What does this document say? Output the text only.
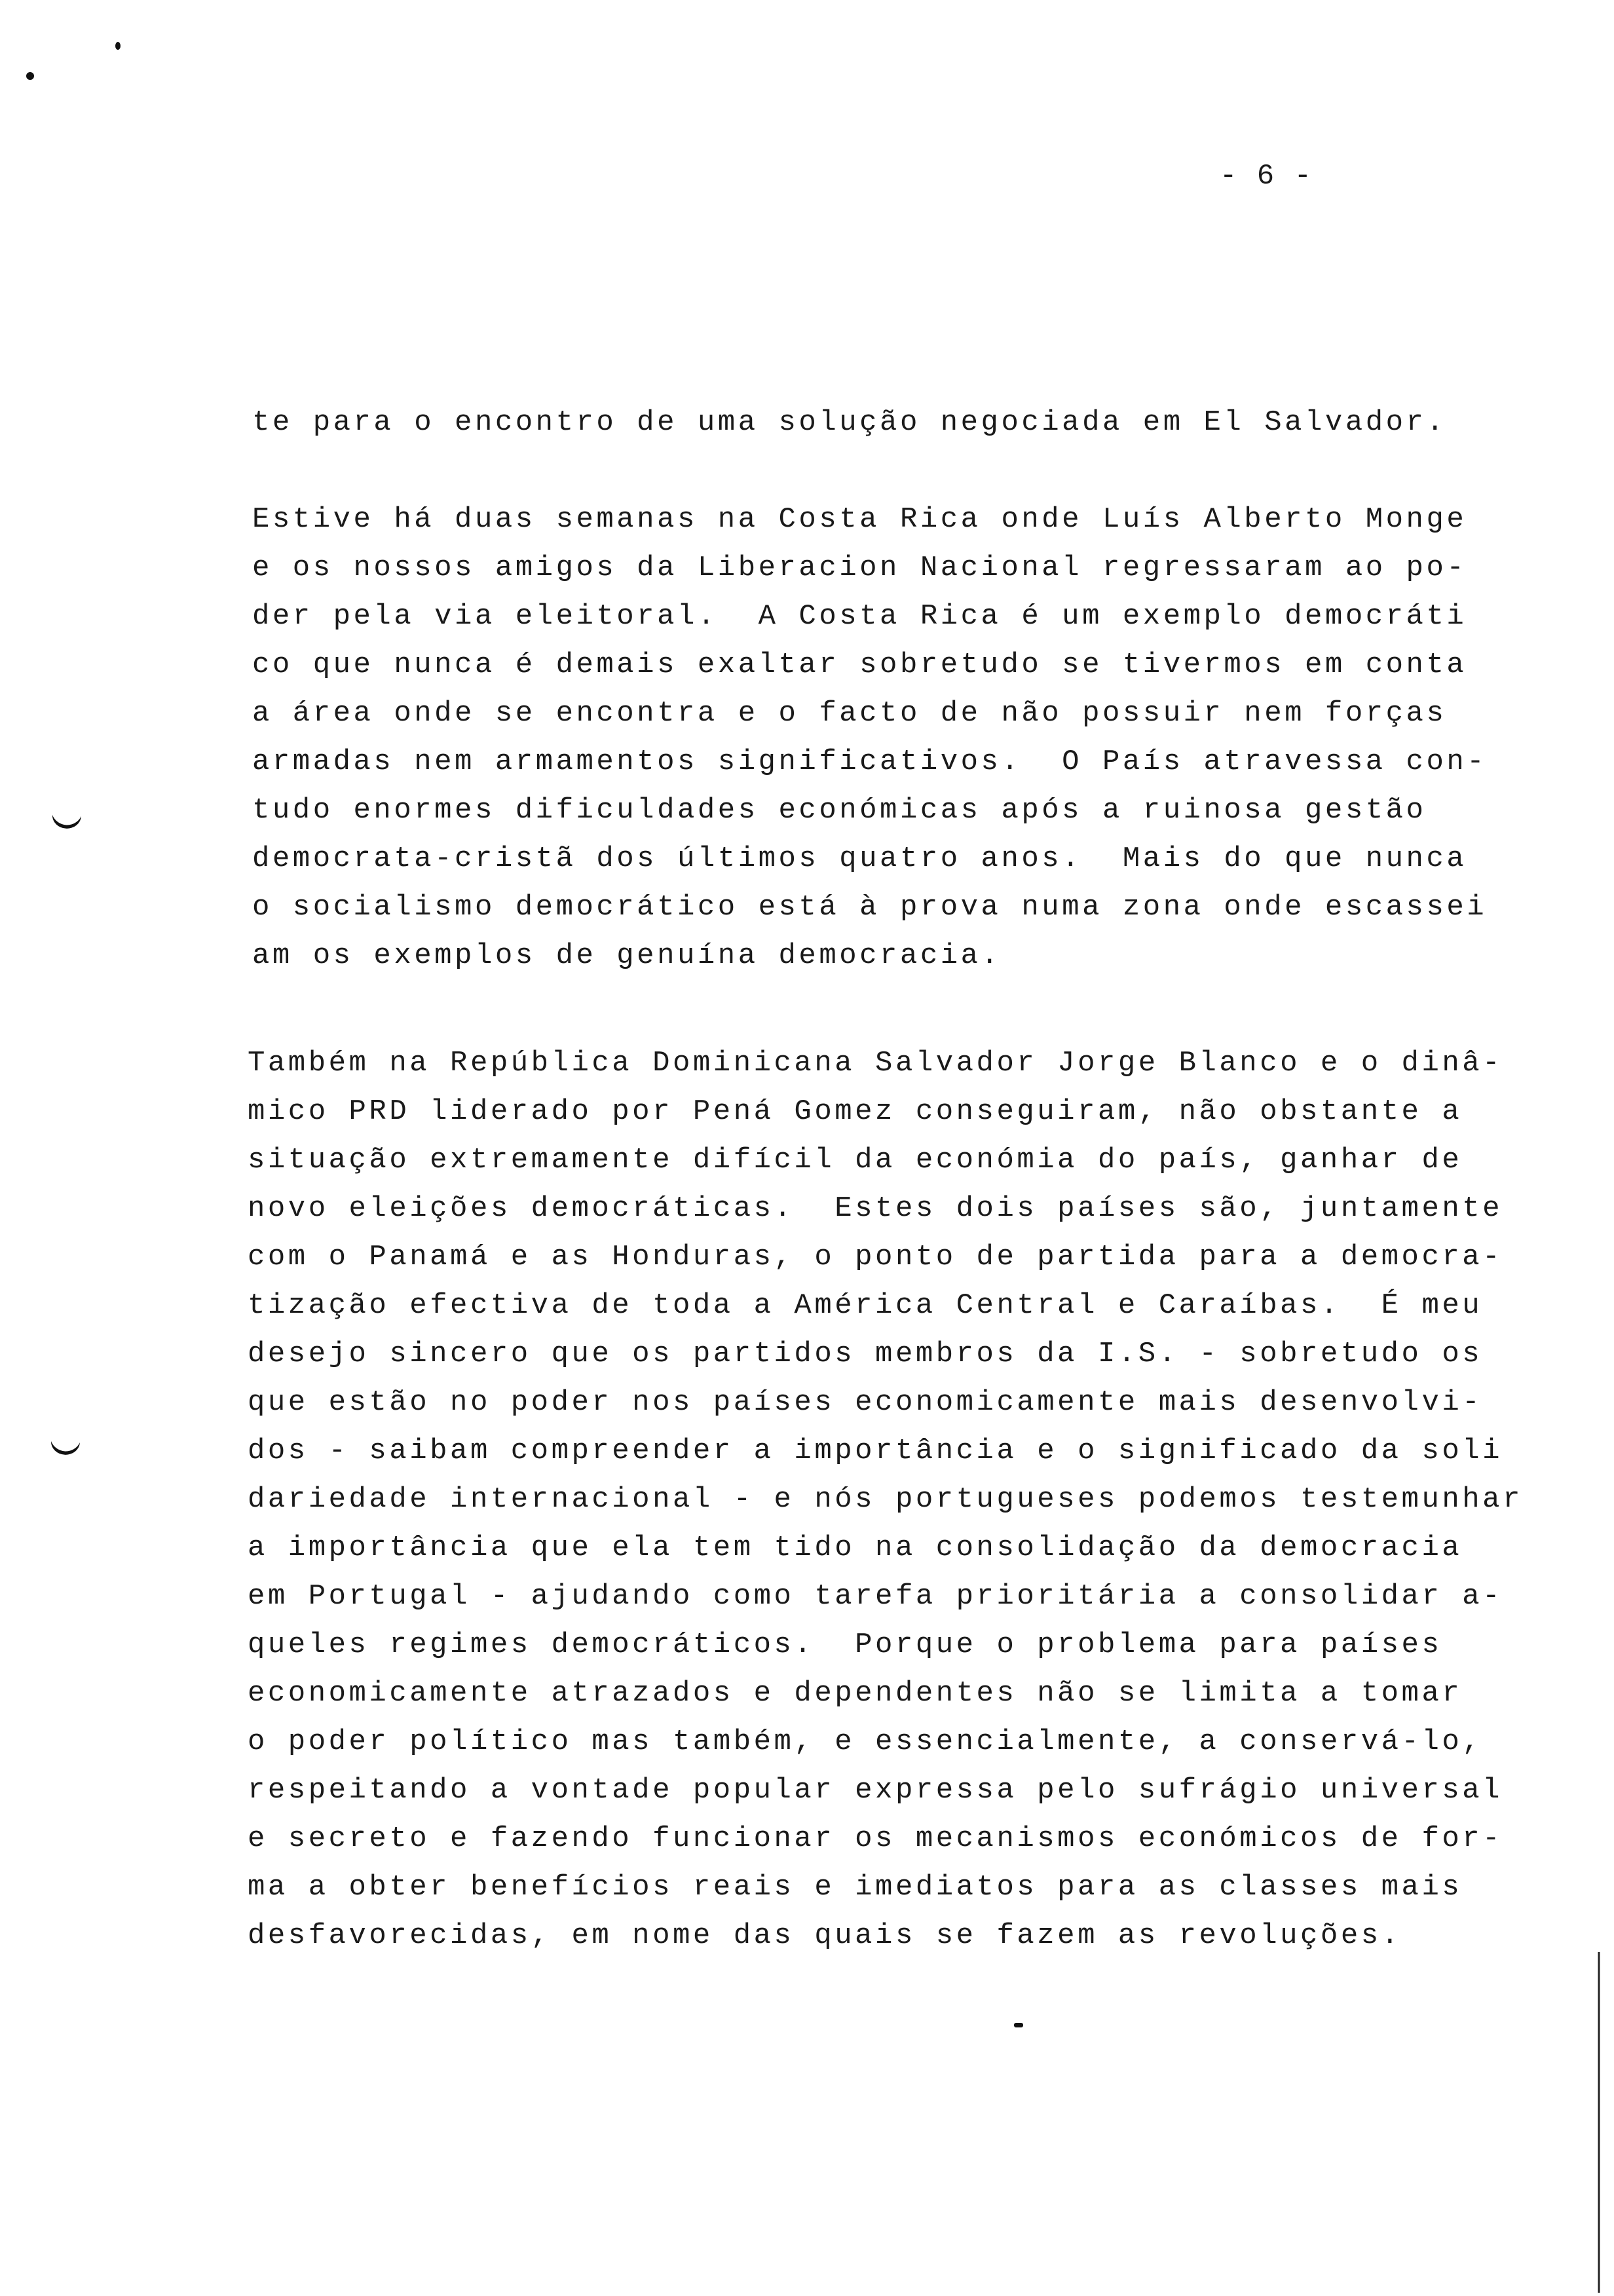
- 6 -
te para o encontro de uma solução negociada em El Salvador.
Estive há duas semanas na Costa Rica onde Luís Alberto Monge
e os nossos amigos da Liberacion Nacional regressaram ao po-
der pela via eleitoral.  A Costa Rica é um exemplo democráti
co que nunca é demais exaltar sobretudo se tivermos em conta
a área onde se encontra e o facto de não possuir nem forças
armadas nem armamentos significativos.  O País atravessa con-
tudo enormes dificuldades económicas após a ruinosa gestão
democrata-cristã dos últimos quatro anos.  Mais do que nunca
o socialismo democrático está à prova numa zona onde escassei
am os exemplos de genuína democracia.
Também na República Dominicana Salvador Jorge Blanco e o dinâ-
mico PRD liderado por Pená Gomez conseguiram, não obstante a
situação extremamente difícil da económia do país, ganhar de
novo eleições democráticas.  Estes dois países são, juntamente
com o Panamá e as Honduras, o ponto de partida para a democra-
tização efectiva de toda a América Central e Caraíbas.  É meu
desejo sincero que os partidos membros da I.S. - sobretudo os
que estão no poder nos países economicamente mais desenvolvi-
dos - saibam compreender a importância e o significado da soli
dariedade internacional - e nós portugueses podemos testemunhar
a importância que ela tem tido na consolidação da democracia
em Portugal - ajudando como tarefa prioritária a consolidar a-
queles regimes democráticos.  Porque o problema para países
economicamente atrazados e dependentes não se limita a tomar
o poder político mas também, e essencialmente, a conservá-lo,
respeitando a vontade popular expressa pelo sufrágio universal
e secreto e fazendo funcionar os mecanismos económicos de for-
ma a obter benefícios reais e imediatos para as classes mais
desfavorecidas, em nome das quais se fazem as revoluções.
